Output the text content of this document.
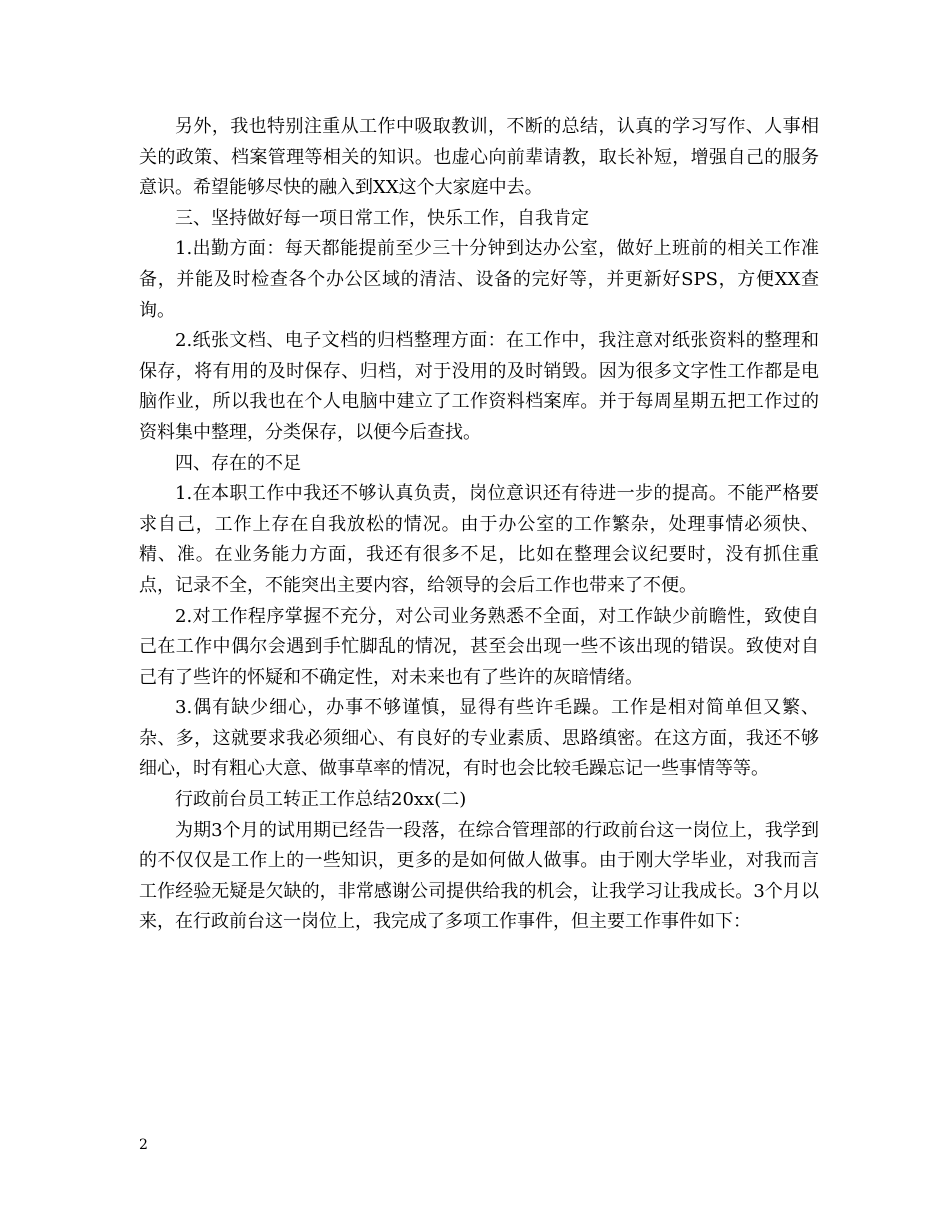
另外，我也特别注重从工作中吸取教训，不断的总结，认真的学习写作、人事相关的政策、档案管理等相关的知识。也虚心向前辈请教，取长补短，增强自己的服务意识。希望能够尽快的融入到XX这个大家庭中去。

三、坚持做好每一项日常工作，快乐工作，自我肯定

1.出勤方面：每天都能提前至少三十分钟到达办公室，做好上班前的相关工作准备，并能及时检查各个办公区域的清洁、设备的完好等，并更新好SPS，方便XX查询。

2.纸张文档、电子文档的归档整理方面：在工作中，我注意对纸张资料的整理和保存，将有用的及时保存、归档，对于没用的及时销毁。因为很多文字性工作都是电脑作业，所以我也在个人电脑中建立了工作资料档案库。并于每周星期五把工作过的资料集中整理，分类保存，以便今后查找。

四、存在的不足

1.在本职工作中我还不够认真负责，岗位意识还有待进一步的提高。不能严格要求自己，工作上存在自我放松的情况。由于办公室的工作繁杂，处理事情必须快、精、准。在业务能力方面，我还有很多不足，比如在整理会议纪要时，没有抓住重点，记录不全，不能突出主要内容，给领导的会后工作也带来了不便。

2.对工作程序掌握不充分，对公司业务熟悉不全面，对工作缺少前瞻性，致使自己在工作中偶尔会遇到手忙脚乱的情况，甚至会出现一些不该出现的错误。致使对自己有了些许的怀疑和不确定性，对未来也有了些许的灰暗情绪。

3.偶有缺少细心，办事不够谨慎，显得有些许毛躁。工作是相对简单但又繁、杂、多，这就要求我必须细心、有良好的专业素质、思路缜密。在这方面，我还不够细心，时有粗心大意、做事草率的情况，有时也会比较毛躁忘记一些事情等等。

行政前台员工转正工作总结20xx(二)

为期3个月的试用期已经告一段落，在综合管理部的行政前台这一岗位上，我学到的不仅仅是工作上的一些知识，更多的是如何做人做事。由于刚大学毕业，对我而言工作经验无疑是欠缺的，非常感谢公司提供给我的机会，让我学习让我成长。3个月以来，在行政前台这一岗位上，我完成了多项工作事件，但主要工作事件如下：

2
